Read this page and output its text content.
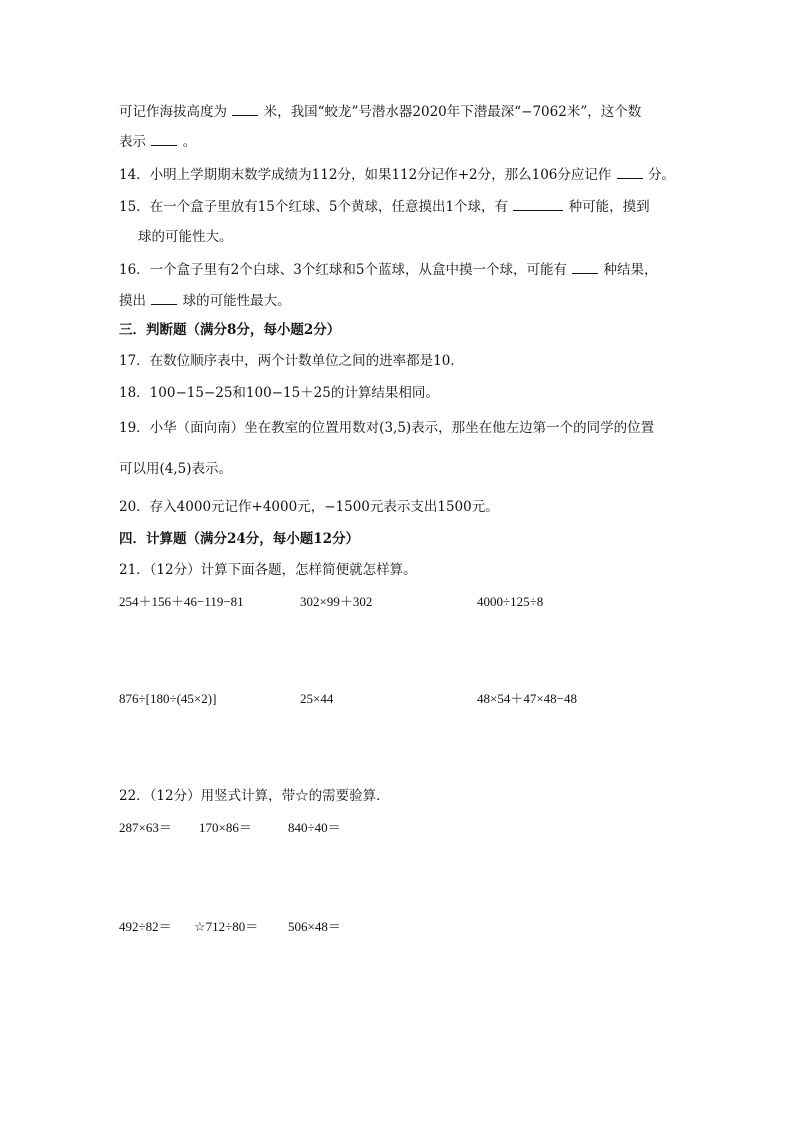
可记作海拔高度为	米，我国“蛟龙”号潜水器2020年下潜最深“−7062米”，这个数
表示	。
14．小明上学期期末数学成绩为112分，如果112分记作+2分，那么106分应记作	分。
15．在一个盒子里放有15个红球、5个黄球，任意摸出1个球，有	种可能，摸到
球的可能性大。
16．一个盒子里有2个白球、3个红球和5个蓝球，从盒中摸一个球，可能有	种结果，
摸出	球的可能性最大。
三．判断题（满分8分，每小题2分）
17．在数位顺序表中，两个计数单位之间的进率都是10．
18．100−15−25和100−15＋25的计算结果相同。
19．小华（面向南）坐在教室的位置用数对(3,5)表示，那坐在他左边第一个的同学的位置
可以用(4,5)表示。
20．存入4000元记作+4000元，−1500元表示支出1500元。
四．计算题（满分24分，每小题12分）
21．（12分）计算下面各题，怎样简便就怎样算。
254＋156＋46−119−81	302×99＋302	4000÷125÷8
876÷[180÷(45×2)]	25×44	48×54＋47×48−48
22．（12分）用竖式计算，带☆的需要验算．
287×63＝ 170×86＝	840÷40＝
492÷82＝ ☆712÷80＝ 506×48＝
